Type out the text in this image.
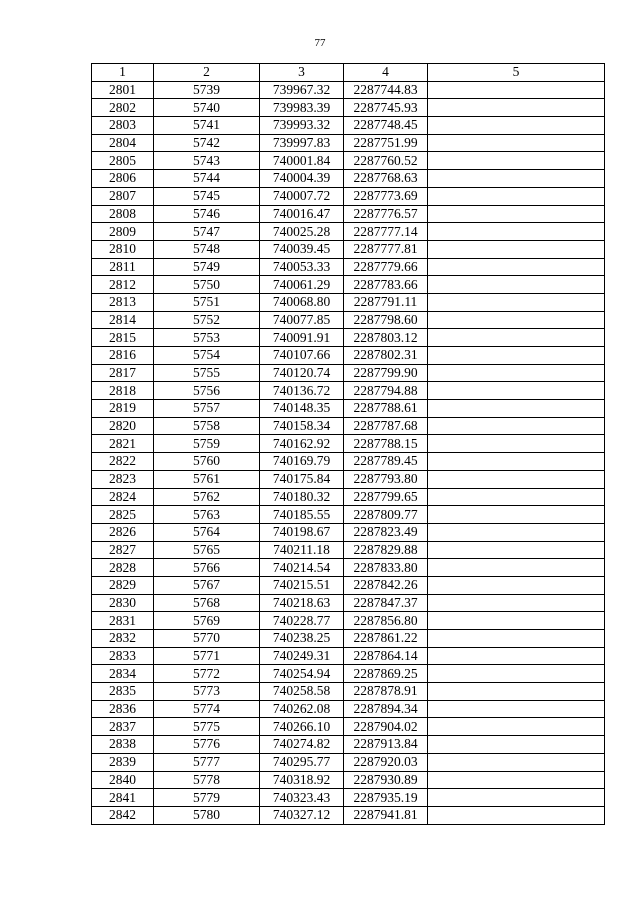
77
1	2	3	4	5
2801	5739	739967.32	2287744.83	
2802	5740	739983.39	2287745.93	
2803	5741	739993.32	2287748.45	
2804	5742	739997.83	2287751.99	
2805	5743	740001.84	2287760.52	
2806	5744	740004.39	2287768.63	
2807	5745	740007.72	2287773.69	
2808	5746	740016.47	2287776.57	
2809	5747	740025.28	2287777.14	
2810	5748	740039.45	2287777.81	
2811	5749	740053.33	2287779.66	
2812	5750	740061.29	2287783.66	
2813	5751	740068.80	2287791.11	
2814	5752	740077.85	2287798.60	
2815	5753	740091.91	2287803.12	
2816	5754	740107.66	2287802.31	
2817	5755	740120.74	2287799.90	
2818	5756	740136.72	2287794.88	
2819	5757	740148.35	2287788.61	
2820	5758	740158.34	2287787.68	
2821	5759	740162.92	2287788.15	
2822	5760	740169.79	2287789.45	
2823	5761	740175.84	2287793.80	
2824	5762	740180.32	2287799.65	
2825	5763	740185.55	2287809.77	
2826	5764	740198.67	2287823.49	
2827	5765	740211.18	2287829.88	
2828	5766	740214.54	2287833.80	
2829	5767	740215.51	2287842.26	
2830	5768	740218.63	2287847.37	
2831	5769	740228.77	2287856.80	
2832	5770	740238.25	2287861.22	
2833	5771	740249.31	2287864.14	
2834	5772	740254.94	2287869.25	
2835	5773	740258.58	2287878.91	
2836	5774	740262.08	2287894.34	
2837	5775	740266.10	2287904.02	
2838	5776	740274.82	2287913.84	
2839	5777	740295.77	2287920.03	
2840	5778	740318.92	2287930.89	
2841	5779	740323.43	2287935.19	
2842	5780	740327.12	2287941.81	
